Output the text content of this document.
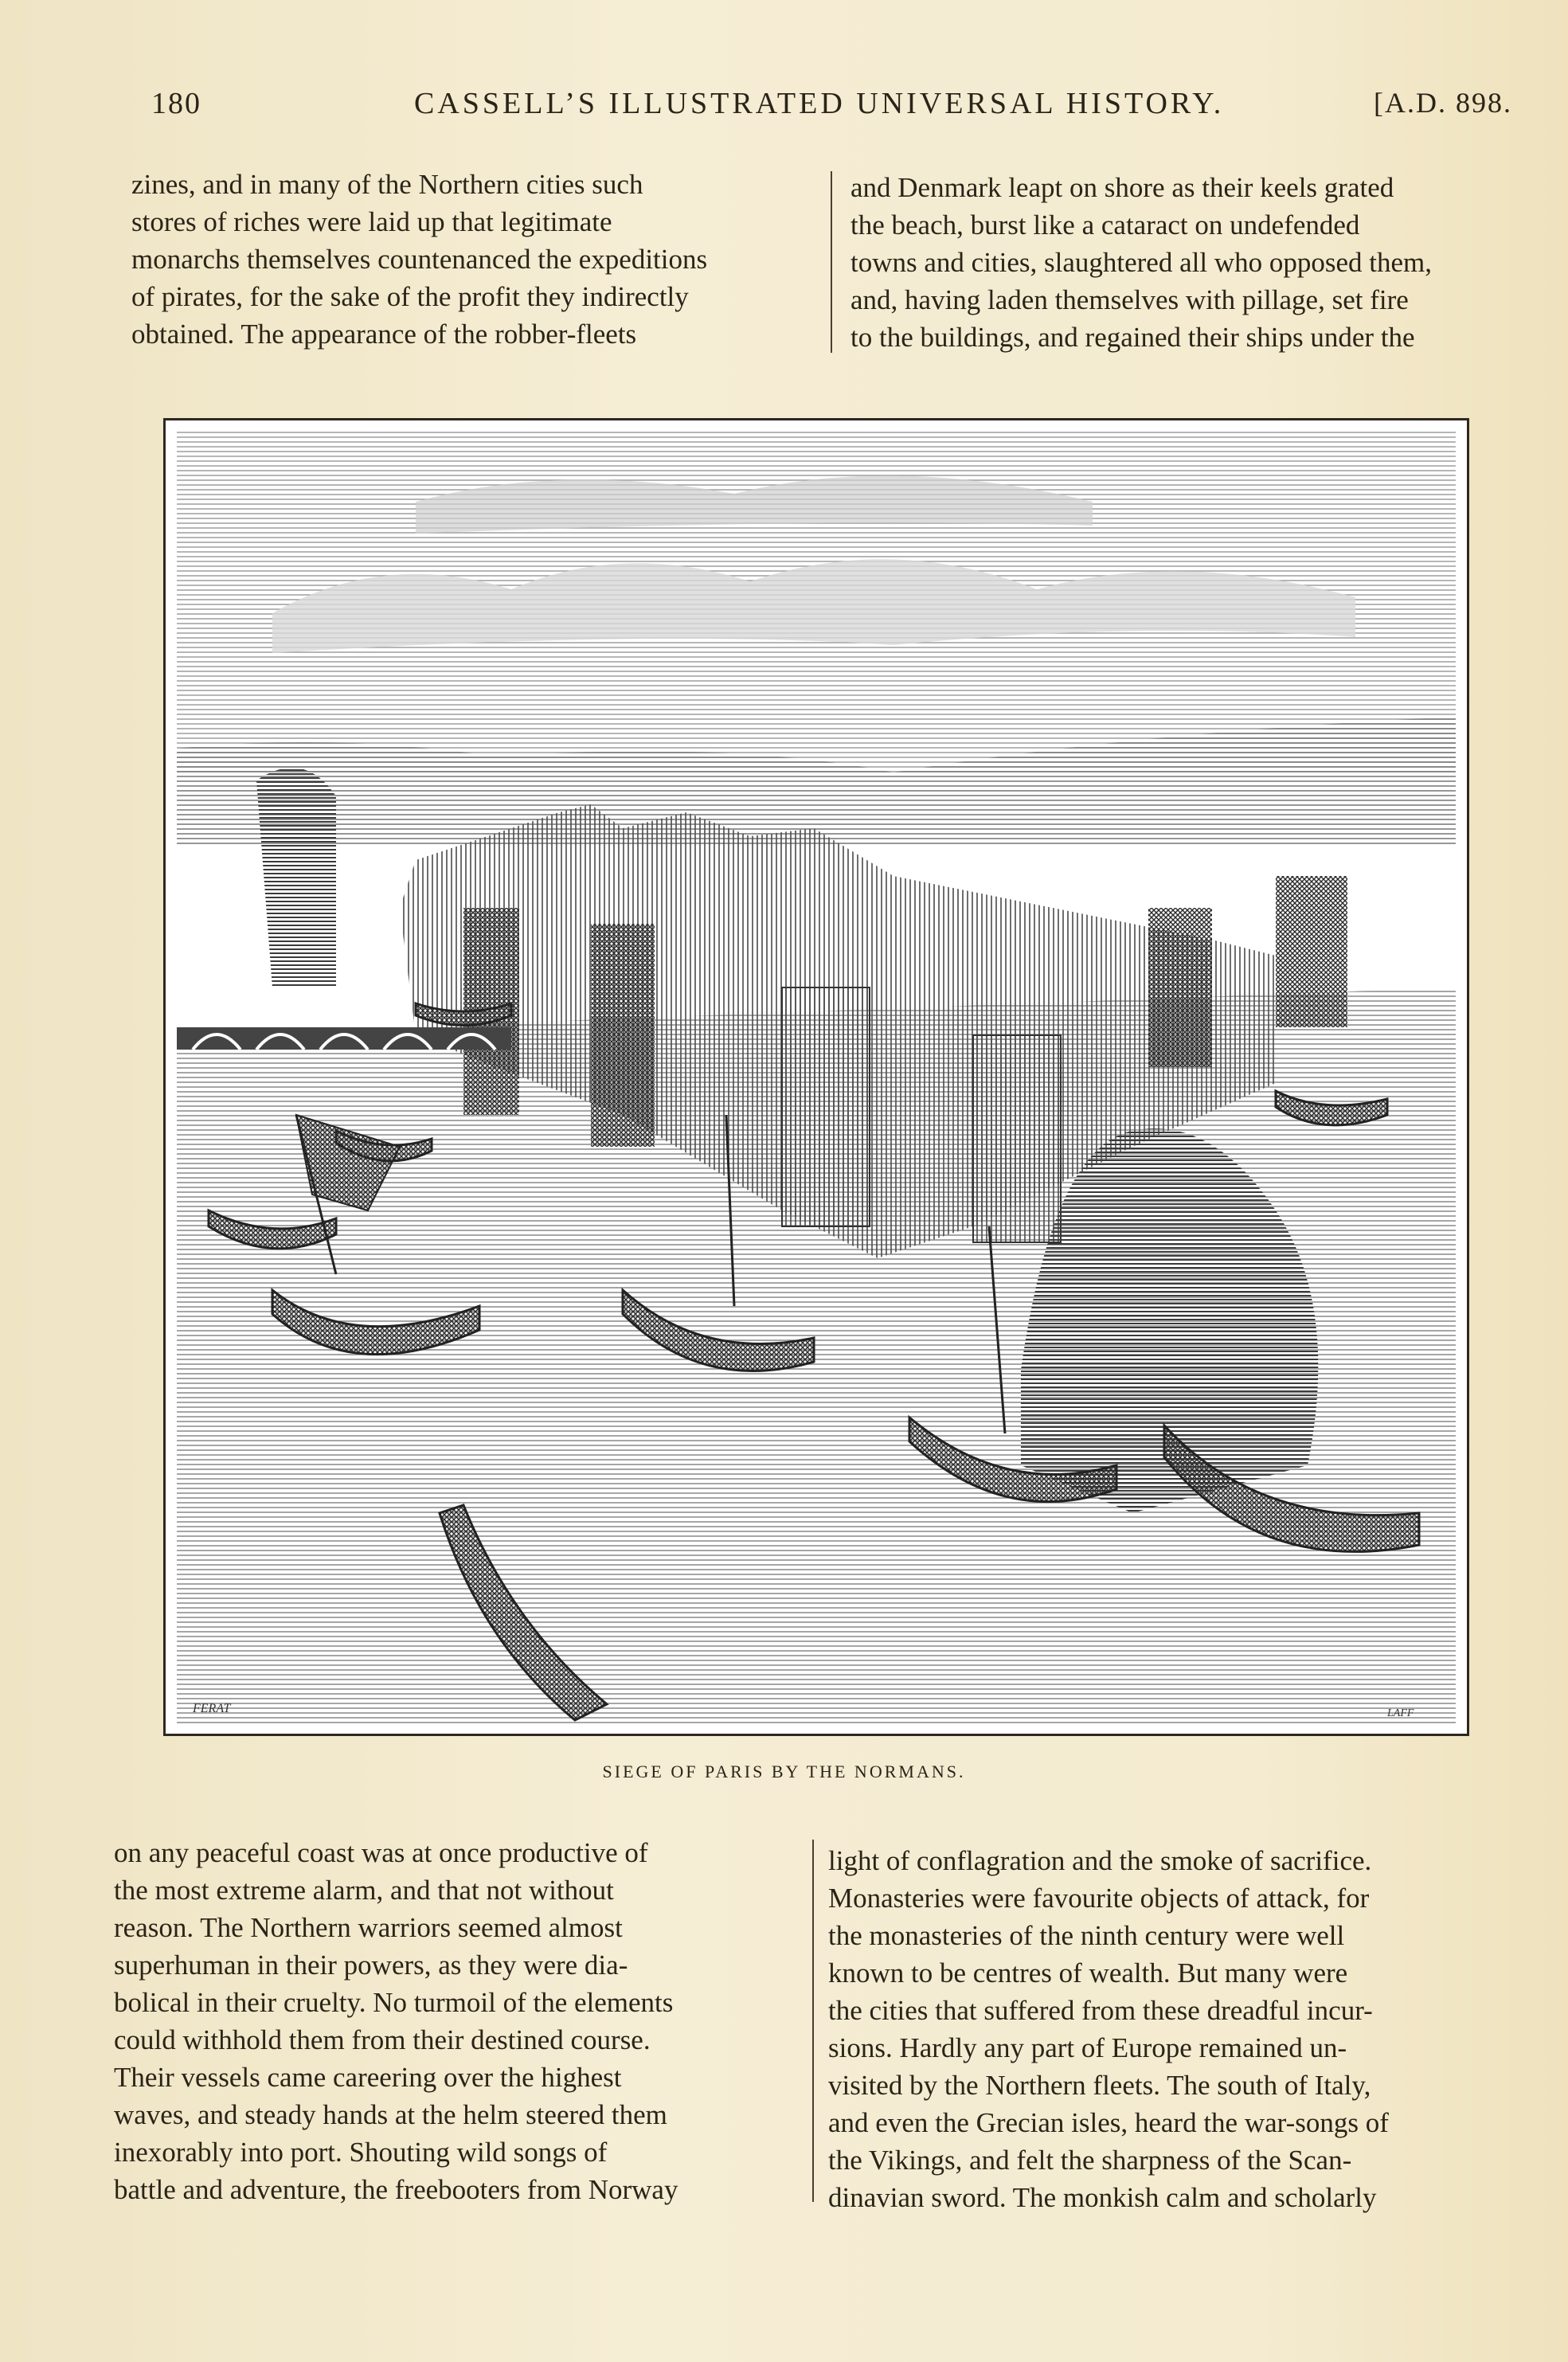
180	CASSELL’S ILLUSTRATED UNIVERSAL HISTORY.	[A.D. 898.

zines, and in many of the Northern cities such

stores of riches were laid up that legitimate

monarchs themselves countenanced the expeditions

of pirates, for the sake of the profit they indirectly

obtained. The appearance of the robber-fleets

and Denmark leapt on shore as their keels grated

the beach, burst like a cataract on undefended

towns and cities, slaughtered all who opposed them,

and, having laden themselves with pillage, set fire

to the buildings, and regained their ships under the

FERAT	LAFF
SIEGE OF PARIS BY THE NORMANS.

on any peaceful coast was at once productive of

the most extreme alarm, and that not without

reason. The Northern warriors seemed almost

superhuman in their powers, as they were dia-

bolical in their cruelty. No turmoil of the elements

could withhold them from their destined course.

Their vessels came careering over the highest

waves, and steady hands at the helm steered them

inexorably into port. Shouting wild songs of

battle and adventure, the freebooters from Norway

light of conflagration and the smoke of sacrifice.

Monasteries were favourite objects of attack, for

the monasteries of the ninth century were well

known to be centres of wealth. But many were

the cities that suffered from these dreadful incur-

sions. Hardly any part of Europe remained un-

visited by the Northern fleets. The south of Italy,

and even the Grecian isles, heard the war-songs of

the Vikings, and felt the sharpness of the Scan-

dinavian sword. The monkish calm and scholarly
